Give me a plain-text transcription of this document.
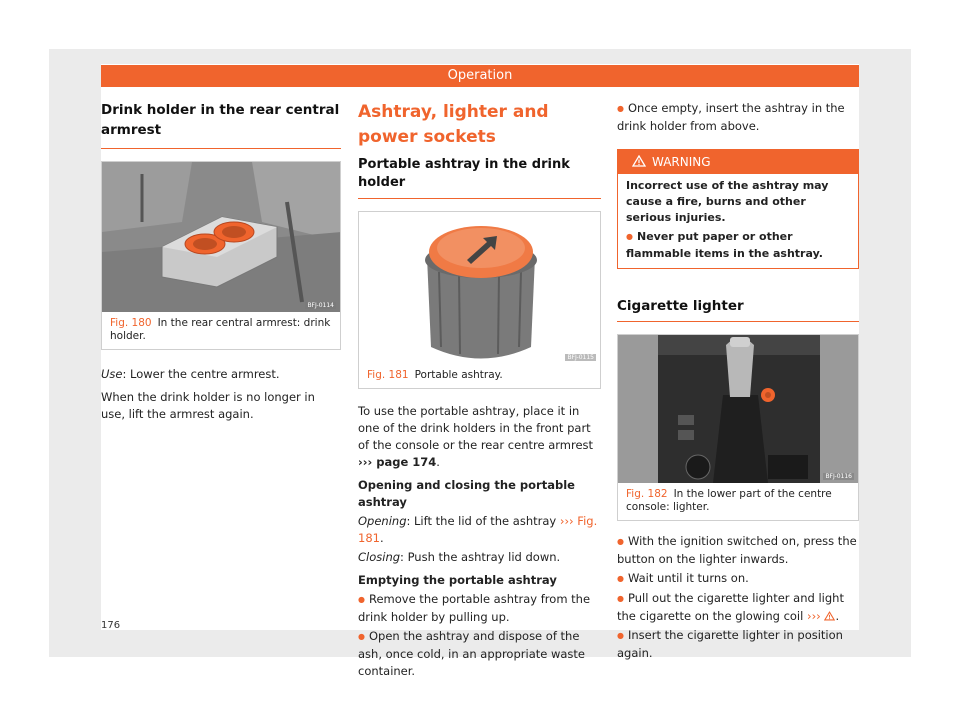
Operation
Drink holder in the rear central armrest
BFJ-0114
Fig. 180 In the rear central armrest: drink holder.

Use: Lower the centre armrest.

When the drink holder is no longer in use, lift the armrest again.

Ashtray, lighter and power sockets
Portable ashtray in the drink holder
BFJ-0115
Fig. 181 Portable ashtray.

To use the portable ashtray, place it in one of the drink holders in the front part of the console or the rear centre armrest ››› page 174.

Opening and closing the portable ashtray

Opening: Lift the lid of the ashtray ››› Fig. 181.

Closing: Push the ashtray lid down.

Emptying the portable ashtray

● Remove the portable ashtray from the drink holder by pulling up.

● Open the ashtray and dispose of the ash, once cold, in an appropriate waste container.

● Once empty, insert the ashtray in the drink holder from above.

WARNING
Incorrect use of the ashtray may cause a fire, burns and other serious injuries.
● Never put paper or other flammable items in the ashtray.
Cigarette lighter
BFJ-0116
Fig. 182 In the lower part of the centre console: lighter.

● With the ignition switched on, press the button on the lighter inwards.

● Wait until it turns on.

● Pull out the cigarette lighter and light the cigarette on the glowing coil ››› .

● Insert the cigarette lighter in position again.

176
